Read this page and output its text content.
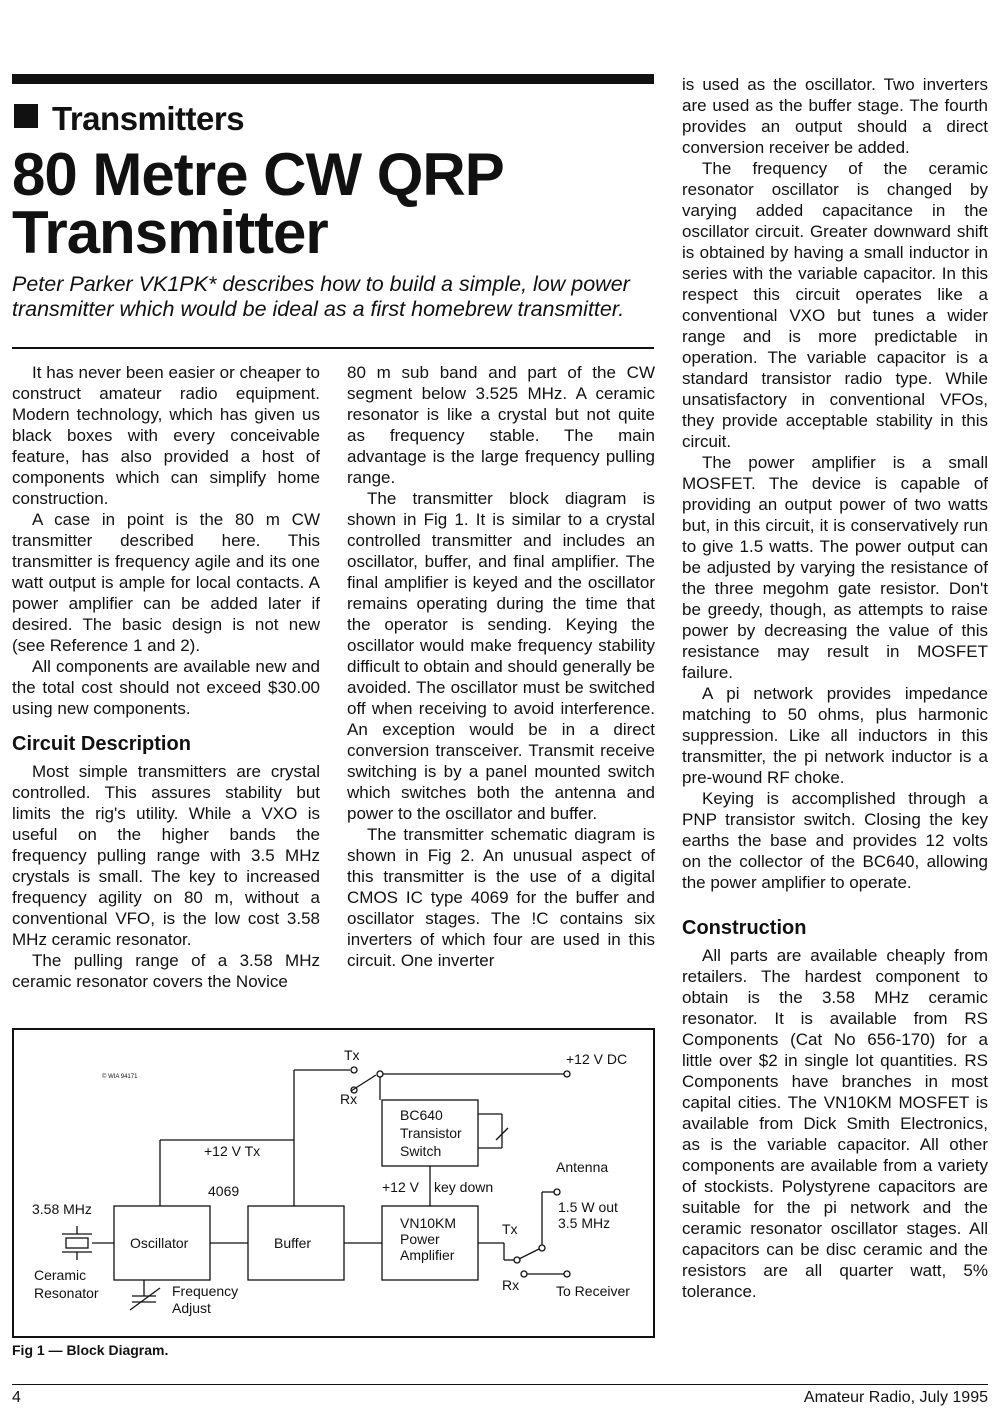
Transmitters
80 Metre CW QRP
Transmitter

Peter Parker VK1PK* describes how to build a simple, low power transmitter which would be ideal as a first homebrew transmitter.

It has never been easier or cheaper to construct amateur radio equipment. Modern technology, which has given us black boxes with every conceivable feature, has also provided a host of components which can simplify home construction.

A case in point is the 80 m CW transmitter described here. This transmitter is frequency agile and its one watt output is ample for local contacts. A power amplifier can be added later if desired. The basic design is not new (see Reference 1 and 2).

All components are available new and the total cost should not exceed $30.00 using new components.

Circuit Description

Most simple transmitters are crystal controlled. This assures stability but limits the rig's utility. While a VXO is useful on the higher bands the frequency pulling range with 3.5 MHz crystals is small. The key to increased frequency agility on 80 m, without a conventional VFO, is the low cost 3.58 MHz ceramic resonator.

The pulling range of a 3.58 MHz ceramic resonator covers the Novice

80 m sub band and part of the CW segment below 3.525 MHz. A ceramic resonator is like a crystal but not quite as frequency stable. The main advantage is the large frequency pulling range.

The transmitter block diagram is shown in Fig 1. It is similar to a crystal controlled transmitter and includes an oscillator, buffer, and final amplifier. The final amplifier is keyed and the oscillator remains operating during the time that the operator is sending. Keying the oscillator would make frequency stability difficult to obtain and should generally be avoided. The oscillator must be switched off when receiving to avoid interference. An exception would be in a direct conversion transceiver. Transmit receive switching is by a panel mounted switch which switches both the antenna and power to the oscillator and buffer.

The transmitter schematic diagram is shown in Fig 2. An unusual aspect of this transmitter is the use of a digital CMOS IC type 4069 for the buffer and oscillator stages. The !C contains six inverters of which four are used in this circuit. One inverter

is used as the oscillator. Two inverters are used as the buffer stage. The fourth provides an output should a direct conversion receiver be added.

The frequency of the ceramic resonator oscillator is changed by varying added capacitance in the oscillator circuit. Greater downward shift is obtained by having a small inductor in series with the variable capacitor. In this respect this circuit operates like a conventional VXO but tunes a wider range and is more predictable in operation. The variable capacitor is a standard transistor radio type. While unsatisfactory in conventional VFOs, they provide acceptable stability in this circuit.

The power amplifier is a small MOSFET. The device is capable of providing an output power of two watts but, in this circuit, it is conservatively run to give 1.5 watts. The power output can be adjusted by varying the resistance of the three megohm gate resistor. Don't be greedy, though, as attempts to raise power by decreasing the value of this resistance may result in MOSFET failure.

A pi network provides impedance matching to 50 ohms, plus harmonic suppression. Like all inductors in this transmitter, the pi network inductor is a pre-wound RF choke.

Keying is accomplished through a PNP transistor switch. Closing the key earths the base and provides 12 volts on the collector of the BC640, allowing the power amplifier to operate.

Construction

All parts are available cheaply from retailers. The hardest component to obtain is the 3.58 MHz ceramic resonator. It is available from RS Components (Cat No 656-170) for a little over $2 in single lot quantities. RS Components have branches in most capital cities. The VN10KM MOSFET is available from Dick Smith Electronics, as is the variable capacitor. All other components are available from a variety of stockists. Polystyrene capacitors are suitable for the pi network and the ceramic resonator oscillator stages. All capacitors can be disc ceramic and the resistors are all quarter watt, 5% tolerance.

© WIA 94171
Tx
Rx
+12 V DC
BC640
Transistor
Switch
+12 V Tx
4069	+12 V key down
Antenna
1.5 W out
3.5 MHz
3.58 MHz
Oscillator	Buffer
VN10KM
Power
Amplifier
Tx
Rx
Ceramic
Resonator	Frequency
Adjust
To Receiver
Fig 1 — Block Diagram.
4	Amateur Radio, July 1995
